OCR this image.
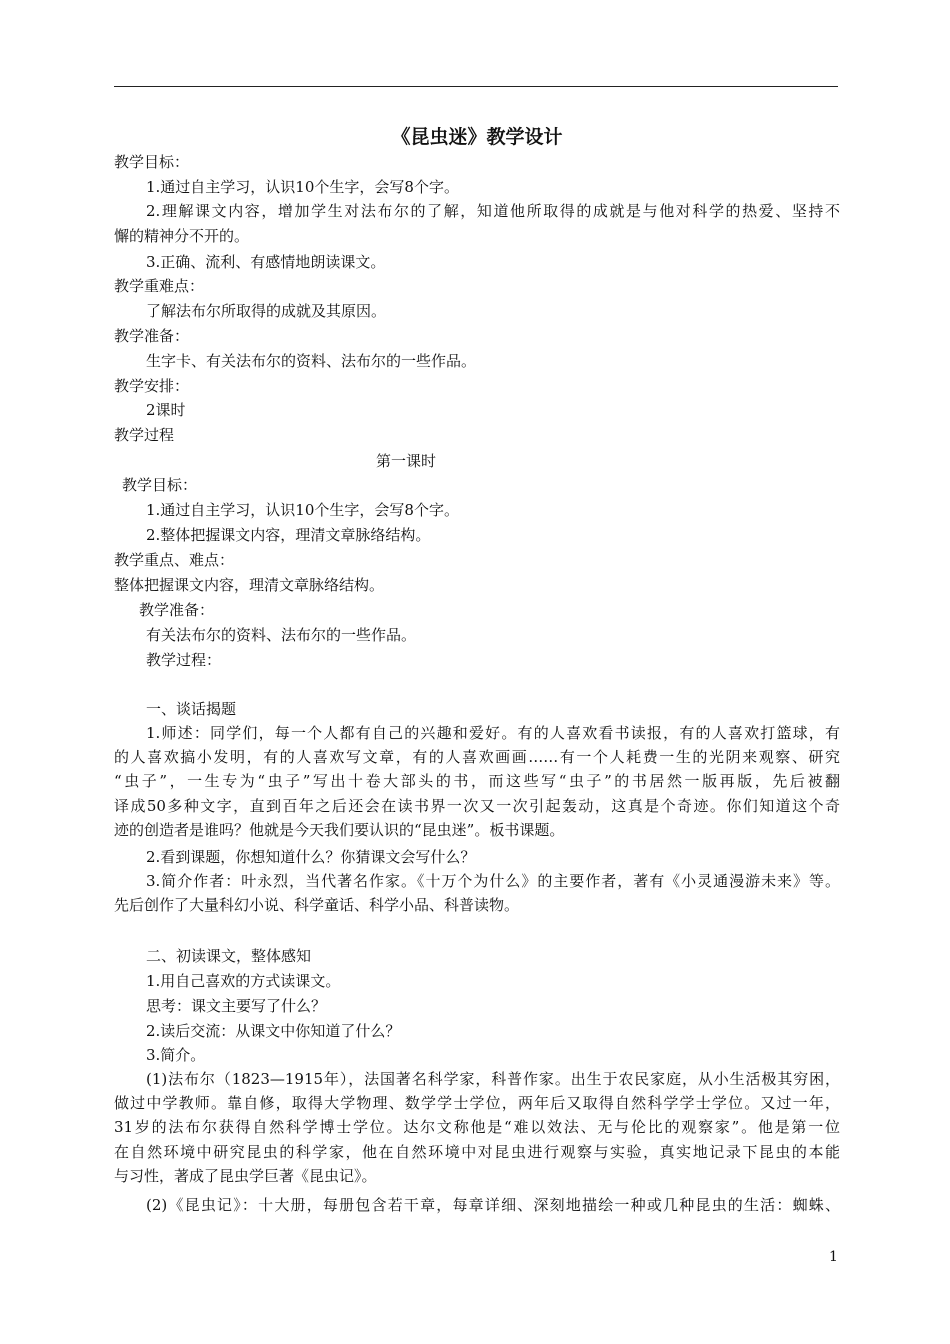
《昆虫迷》教学设计
教学目标：
1.通过自主学习，认识10个生字，会写8个字。
2.理解课文内容，增加学生对法布尔的了解，知道他所取得的成就是与他对科学的热爱、坚持不
懈的精神分不开的。
3.正确、流利、有感情地朗读课文。
教学重难点：
了解法布尔所取得的成就及其原因。
教学准备：
生字卡、有关法布尔的资料、法布尔的一些作品。
教学安排：
2课时
教学过程
第一课时
教学目标：
1.通过自主学习，认识10个生字，会写8个字。
2.整体把握课文内容，理清文章脉络结构。
教学重点、难点：
整体把握课文内容，理清文章脉络结构。
教学准备：
有关法布尔的资料、法布尔的一些作品。
教学过程：
一、谈话揭题
1.师述：同学们，每一个人都有自己的兴趣和爱好。有的人喜欢看书读报，有的人喜欢打篮球，有
的人喜欢搞小发明，有的人喜欢写文章，有的人喜欢画画……有一个人耗费一生的光阴来观察、研究
“虫子”，一生专为“虫子”写出十卷大部头的书，而这些写“虫子”的书居然一版再版，先后被翻
译成50多种文字，直到百年之后还会在读书界一次又一次引起轰动，这真是个奇迹。你们知道这个奇
迹的创造者是谁吗？他就是今天我们要认识的“昆虫迷”。板书课题。
2.看到课题，你想知道什么？你猜课文会写什么？
3.简介作者：叶永烈，当代著名作家。《十万个为什么》的主要作者，著有《小灵通漫游未来》等。
先后创作了大量科幻小说、科学童话、科学小品、科普读物。
二、初读课文，整体感知
1.用自己喜欢的方式读课文。
思考：课文主要写了什么？
2.读后交流：从课文中你知道了什么？
3.简介。
(1)法布尔（1823—1915年），法国著名科学家，科普作家。出生于农民家庭，从小生活极其穷困，
做过中学教师。靠自修，取得大学物理、数学学士学位，两年后又取得自然科学学士学位。又过一年，
31岁的法布尔获得自然科学博士学位。达尔文称他是“难以效法、无与伦比的观察家”。他是第一位
在自然环境中研究昆虫的科学家，他在自然环境中对昆虫进行观察与实验，真实地记录下昆虫的本能
与习性，著成了昆虫学巨著《昆虫记》。
(2)《昆虫记》：十大册，每册包含若干章，每章详细、深刻地描绘一种或几种昆虫的生活：蜘蛛、
1
